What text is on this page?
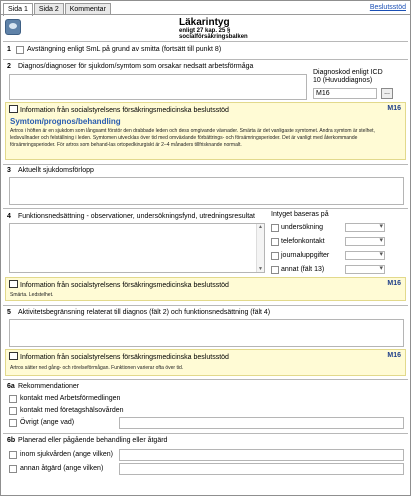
Sida 1	Sida 2	Kommentar	Beslutsstöd
Läkarintyg
enligt 27 kap. 25 §
socialförsäkringsbalken
1 Avstängning enligt SmL på grund av smitta (fortsätt till punkt 8)
2 Diagnos/diagnoser för sjukdom/symtom som orsakar nedsatt arbetsförmåga
Diagnoskod enligt ICD 10 (Huvuddiagnos)
M16	...
Information från socialstyrelsens försäkringsmedicinska beslutsstöd	M16
Symtom/prognos/behandling
Artros i höften är en sjukdom som långsamt förstör den drabbade leden och dess omgivande vävnader. Smärta är det vanligaste symtomet. Andra symtom är stelhet, ledsvullnader och felställning i leden. Symtomen utvecklas över tid med omväxlande förbättrings- och försämringsperioder. Det är vanligt med återkommande försämringsperioder. För artros som behand-las ortopedkirurgiskt är 2–4 månaders tillfrisknande normalt.
3 Aktuellt sjukdomsförlopp
4 Funktionsnedsättning - observationer, undersökningsfynd, utredningsresultat
▲
▼
Intyget baseras på
undersökning
▾
telefonkontakt
▾
journaluppgifter
▾
annat (fält 13)
▾
Information från socialstyrelsens försäkringsmedicinska beslutsstöd	M16
Smärta. Ledstelhet.
5 Aktivitetsbegränsning relaterat till diagnos (fält 2) och funktionsnedsättning (fält 4)
Information från socialstyrelsens försäkringsmedicinska beslutsstöd	M16
Artros sätter ned gång- och rörelseförmågan. Funktionen varierar ofta över tid.
6a Rekommendationer
kontakt med Arbetsförmedlingen
kontakt med företagshälsovården
Övrigt (ange vad)
6b Planerad eller pågående behandling eller åtgärd
inom sjukvården (ange vilken)
annan åtgärd (ange vilken)
